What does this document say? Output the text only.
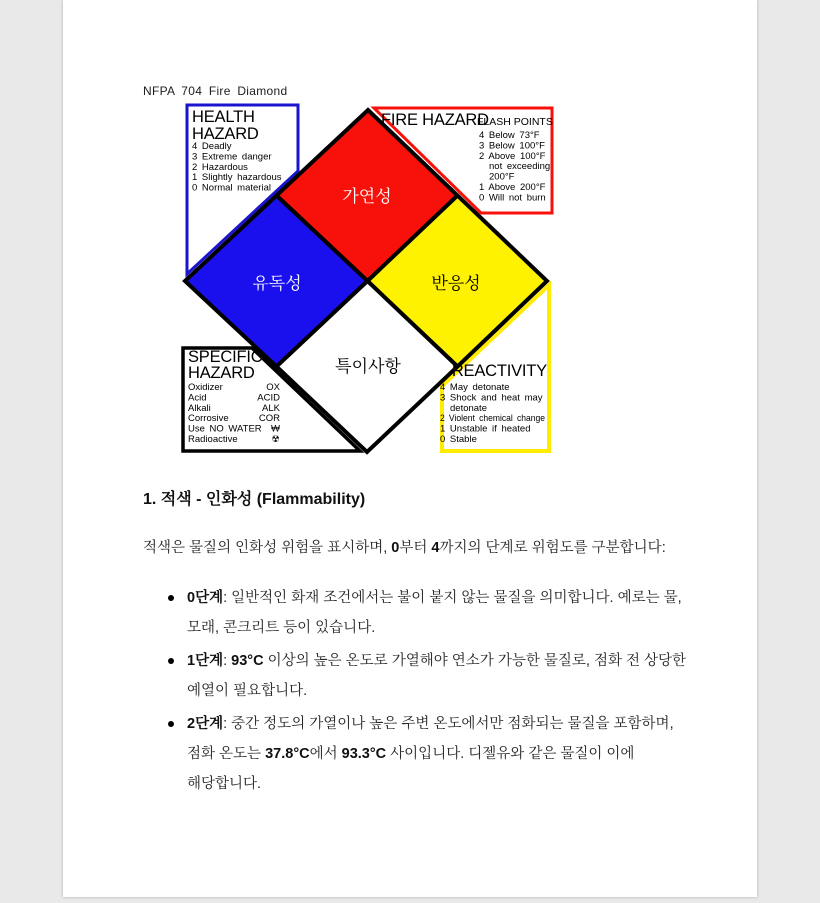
NFPA 704 Fire Diamond
가연성
유독성	반응성
특이사항
HEALTH
HAZARD
4 Deadly
3 Extreme danger
2 Hazardous
1 Slightly hazardous
0 Normal material
FIRE HAZARD
FLASH POINTS
4 Below 73°F
3 Below 100°F
2 Above 100°F
not exceeding
200°F
1 Above 200°F
0 Will not burn
SPECIFIC
HAZARD
Oxidizer
Acid
Alkali
Corrosive
Use NO WATER
Radioactive
OX
ACID
ALK
COR
₩
☢
REACTIVITY
4 May detonate
3 Shock and heat may
detonate
2 Violent chemical change
1 Unstable if heated
0 Stable
1. 적색 - 인화성 (Flammability)
적색은 물질의 인화성 위험을 표시하며, 0부터 4까지의 단계로 위험도를 구분합니다:
0단계: 일반적인 화재 조건에서는 불이 붙지 않는 물질을 의미합니다. 예로는 물,
모래, 콘크리트 등이 있습니다.
1단계: 93°C 이상의 높은 온도로 가열해야 연소가 가능한 물질로, 점화 전 상당한
예열이 필요합니다.
2단계: 중간 정도의 가열이나 높은 주변 온도에서만 점화되는 물질을 포함하며,
점화 온도는 37.8°C에서 93.3°C 사이입니다. 디젤유와 같은 물질이 이에
해당합니다.
